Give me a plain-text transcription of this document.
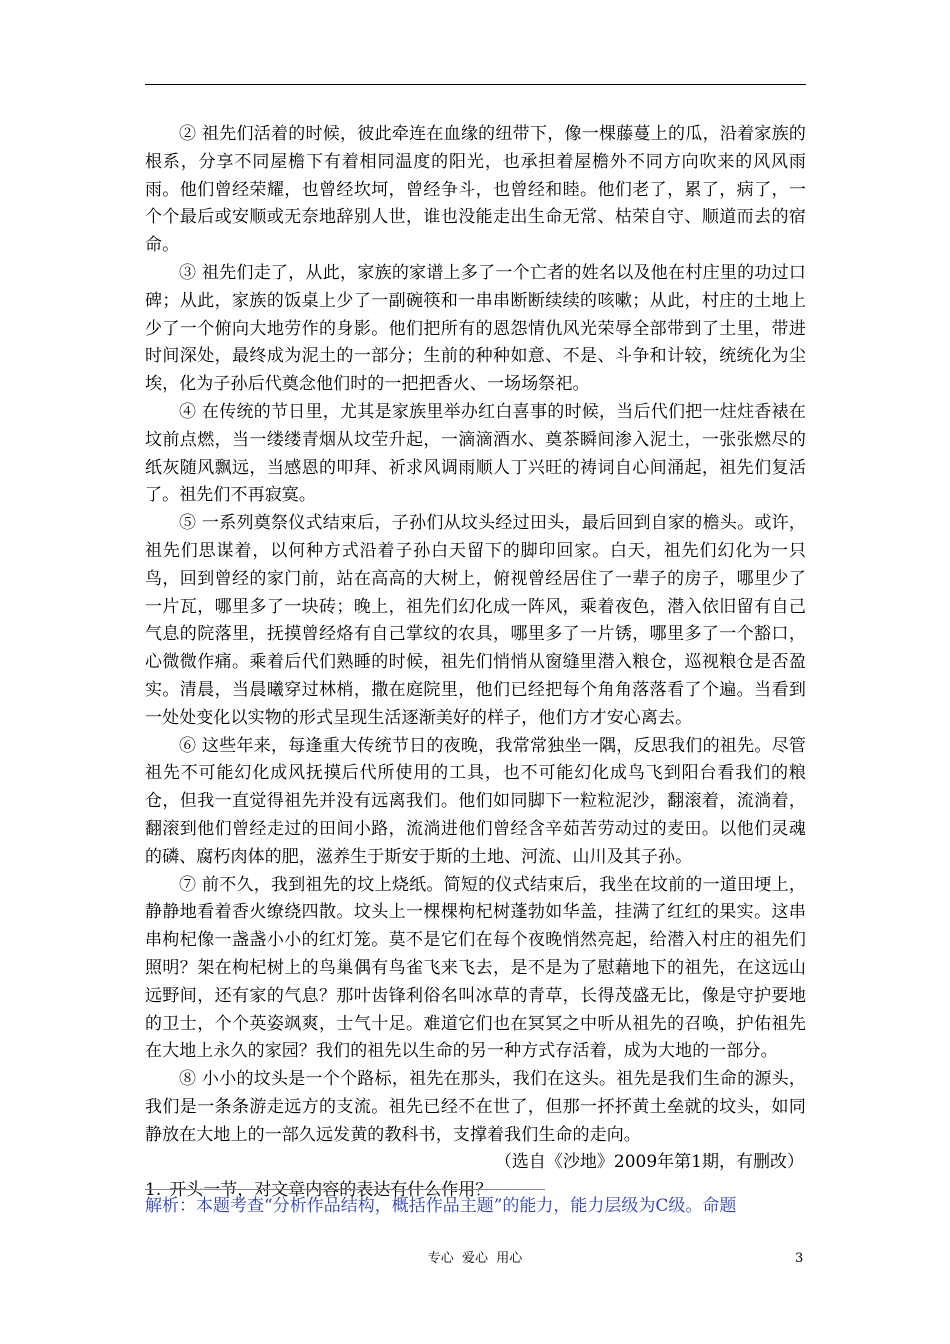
② 祖先们活着的时候，彼此牵连在血缘的纽带下，像一棵藤蔓上的瓜，沿着家族的根系，分享不同屋檐下有着相同温度的阳光，也承担着屋檐外不同方向吹来的风风雨雨。他们曾经荣耀，也曾经坎坷，曾经争斗，也曾经和睦。他们老了，累了，病了，一个个最后或安顺或无奈地辞别人世，谁也没能走出生命无常、枯荣自守、顺道而去的宿命。

③ 祖先们走了，从此，家族的家谱上多了一个亡者的姓名以及他在村庄里的功过口碑；从此，家族的饭桌上少了一副碗筷和一串串断断续续的咳嗽；从此，村庄的土地上少了一个俯向大地劳作的身影。他们把所有的恩怨情仇风光荣辱全部带到了土里，带进时间深处，最终成为泥土的一部分；生前的种种如意、不是、斗争和计较，统统化为尘埃，化为子孙后代奠念他们时的一把把香火、一场场祭祀。

④ 在传统的节日里，尤其是家族里举办红白喜事的时候，当后代们把一炷炷香裱在坟前点燃，当一缕缕青烟从坟茔升起，一滴滴酒水、奠茶瞬间渗入泥土，一张张燃尽的纸灰随风飘远，当感恩的叩拜、祈求风调雨顺人丁兴旺的祷词自心间涌起，祖先们复活了。祖先们不再寂寞。

⑤ 一系列奠祭仪式结束后，子孙们从坟头经过田头，最后回到自家的檐头。或许，祖先们思谋着，以何种方式沿着子孙白天留下的脚印回家。白天，祖先们幻化为一只鸟，回到曾经的家门前，站在高高的大树上，俯视曾经居住了一辈子的房子，哪里少了一片瓦，哪里多了一块砖；晚上，祖先们幻化成一阵风，乘着夜色，潜入依旧留有自己气息的院落里，抚摸曾经烙有自己掌纹的农具，哪里多了一片锈，哪里多了一个豁口，心微微作痛。乘着后代们熟睡的时候，祖先们悄悄从窗缝里潜入粮仓，巡视粮仓是否盈实。清晨，当晨曦穿过林梢，撒在庭院里，他们已经把每个角角落落看了个遍。当看到一处处变化以实物的形式呈现生活逐渐美好的样子，他们方才安心离去。

⑥ 这些年来，每逢重大传统节日的夜晚，我常常独坐一隅，反思我们的祖先。尽管祖先不可能幻化成风抚摸后代所使用的工具，也不可能幻化成鸟飞到阳台看我们的粮仓，但我一直觉得祖先并没有远离我们。他们如同脚下一粒粒泥沙，翻滚着，流淌着，翻滚到他们曾经走过的田间小路，流淌进他们曾经含辛茹苦劳动过的麦田。以他们灵魂的磷、腐朽肉体的肥，滋养生于斯安于斯的土地、河流、山川及其子孙。

⑦ 前不久，我到祖先的坟上烧纸。简短的仪式结束后，我坐在坟前的一道田埂上，静静地看着香火缭绕四散。坟头上一棵棵枸杞树蓬勃如华盖，挂满了红红的果实。这串串枸杞像一盏盏小小的红灯笼。莫不是它们在每个夜晚悄然亮起，给潜入村庄的祖先们照明？架在枸杞树上的鸟巢偶有鸟雀飞来飞去，是不是为了慰藉地下的祖先，在这远山远野间，还有家的气息？那叶齿锋利俗名叫冰草的青草，长得茂盛无比，像是守护要地的卫士，个个英姿飒爽，士气十足。难道它们也在冥冥之中听从祖先的召唤，护佑祖先在大地上永久的家园？我们的祖先以生命的另一种方式存活着，成为大地的一部分。

⑧ 小小的坟头是一个个路标，祖先在那头，我们在这头。祖先是我们生命的源头，我们是一条条游走远方的支流。祖先已经不在世了，但那一抔抔黄土垒就的坟头，如同静放在大地上的一部久远发黄的教科书，支撑着我们生命的走向。

（选自《沙地》2009年第1期，有删改）

1. 开头一节，对文章内容的表达有什么作用？

解析：本题考查“分析作品结构，概括作品主题”的能力，能力层级为C级。命题

专心  爱心  用心	3
